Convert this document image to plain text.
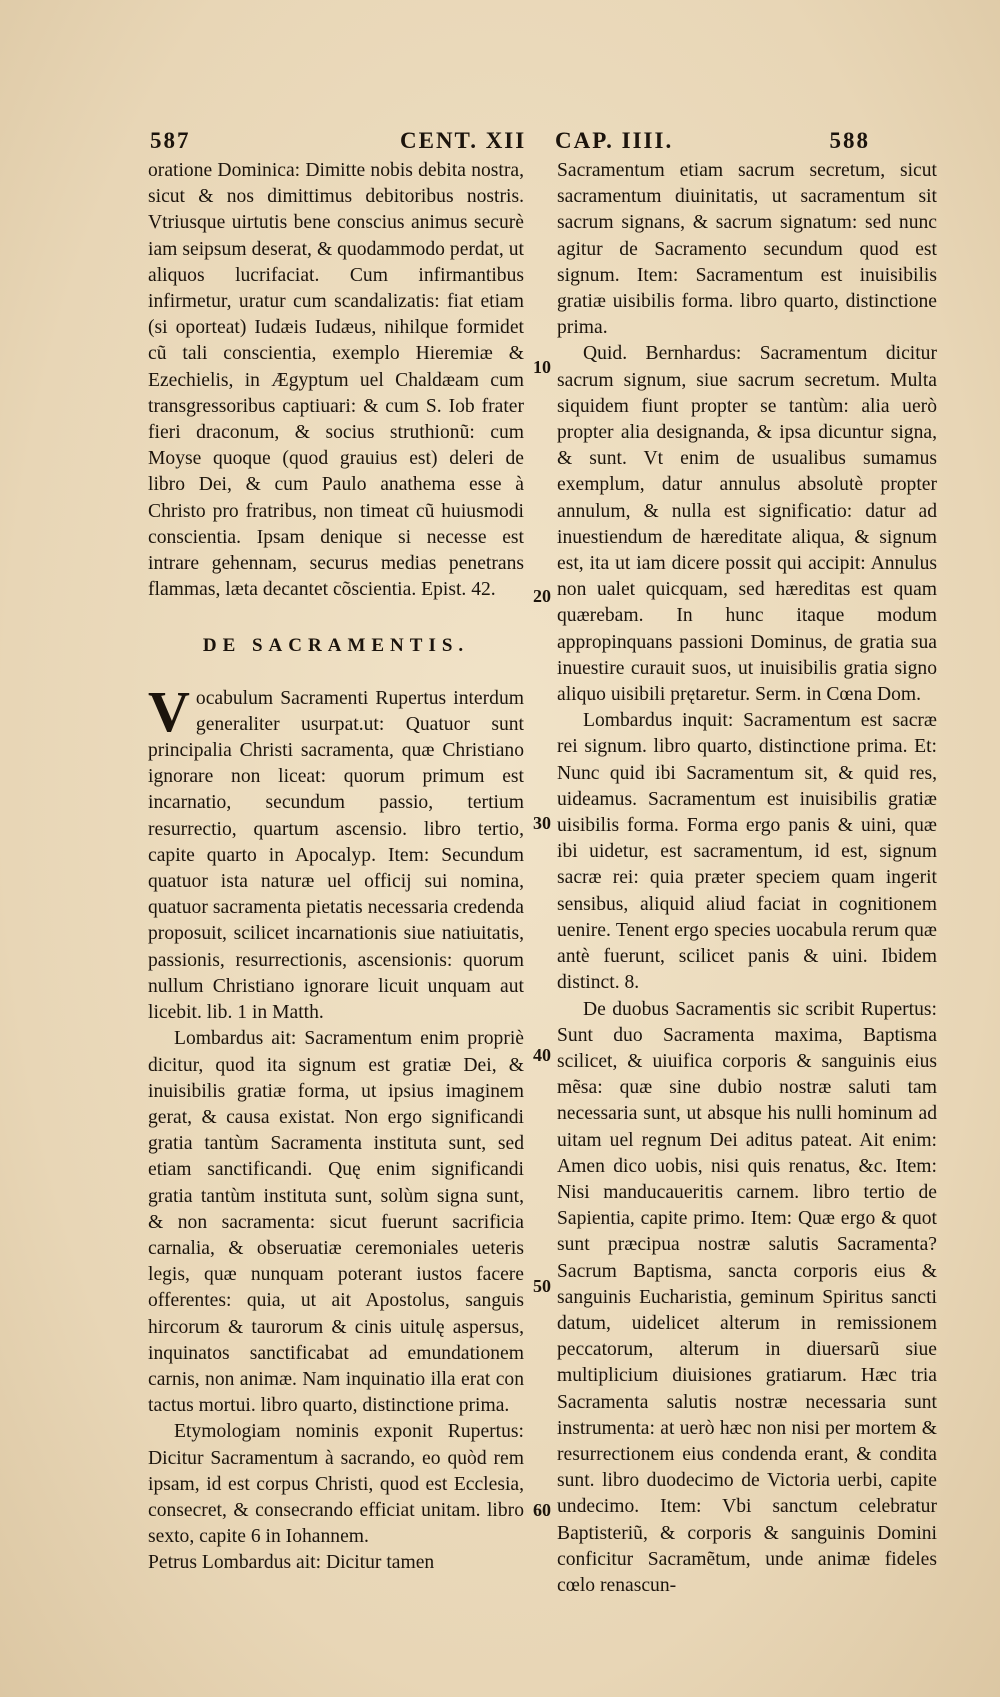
587	CENT. XII CAP. IIII.	588

oratione Dominica: Dimitte nobis debita nostra, sicut & nos dimittimus debitoribus nostris. Vtriusque uirtutis bene conscius animus securè iam seipsum deserat, & quodammodo perdat, ut aliquos lucrifaciat. Cum infirmantibus infirmetur, uratur cum scandalizatis: fiat etiam (si oporteat) Iudæis Iudæus, nihilque formidet cũ tali conscientia, exemplo Hieremiæ & Ezechielis, in Ægyptum uel Chaldæam cum transgressoribus captiuari: & cum S. Iob frater fieri draconum, & socius struthionũ: cum Moyse quoque (quod grauius est) deleri de libro Dei, & cum Paulo anathema esse à Christo pro fratribus, non timeat cũ huiusmodi conscientia. Ipsam denique si necesse est intrare gehennam, securus medias penetrans flammas, læta decantet cõscientia. Epist. 42.

DE SACRAMENTIS.

Vocabulum Sacramenti Rupertus interdum generaliter usurpat.ut: Quatuor sunt principalia Christi sacramenta, quæ Christiano ignorare non liceat: quorum primum est incarnatio, secundum passio, tertium resurrectio, quartum ascensio. libro tertio, capite quarto in Apocalyp. Item: Secundum quatuor ista naturæ uel officij sui nomina, quatuor sacramenta pietatis necessaria credenda proposuit, scilicet incarnationis siue natiuitatis, passionis, resurrectionis, ascensionis: quorum nullum Christiano ignorare licuit unquam aut licebit. lib. 1 in Matth.

Lombardus ait: Sacramentum enim propriè dicitur, quod ita signum est gratiæ Dei, & inuisibilis gratiæ forma, ut ipsius imaginem gerat, & causa existat. Non ergo significandi gratia tantùm Sacramenta instituta sunt, sed etiam sanctificandi. Quę enim significandi gratia tantùm instituta sunt, solùm signa sunt, & non sacramenta: sicut fuerunt sacrificia carnalia, & obseruatiæ ceremoniales ueteris legis, quæ nunquam poterant iustos facere offerentes: quia, ut ait Apostolus, sanguis hircorum & taurorum & cinis uitulę aspersus, inquinatos sanctificabat ad emundationem carnis, non animæ. Nam inquinatio illa erat con tactus mortui. libro quarto, distinctione prima.

Etymologiam nominis exponit Rupertus: Dicitur Sacramentum à sacrando, eo quòd rem ipsam, id est corpus Christi, quod est Ecclesia, consecret, & consecrando efficiat unitam. libro sexto, capite 6 in Iohannem.

Petrus Lombardus ait: Dicitur tamen

10
20
30
40
50
60

Sacramentum etiam sacrum secretum, sicut sacramentum diuinitatis, ut sacramentum sit sacrum signans, & sacrum signatum: sed nunc agitur de Sacramento secundum quod est signum. Item: Sacramentum est inuisibilis gratiæ uisibilis forma. libro quarto, distinctione prima.

Quid. Bernhardus: Sacramentum dicitur sacrum signum, siue sacrum secretum. Multa siquidem fiunt propter se tantùm: alia uerò propter alia designanda, & ipsa dicuntur signa, & sunt. Vt enim de usualibus sumamus exemplum, datur annulus absolutè propter annulum, & nulla est significatio: datur ad inuestiendum de hæreditate aliqua, & signum est, ita ut iam dicere possit qui accipit: Annulus non ualet quicquam, sed hæreditas est quam quærebam. In hunc itaque modum appropinquans passioni Dominus, de gratia sua inuestire curauit suos, ut inuisibilis gratia signo aliquo uisibili prętaretur. Serm. in Cœna Dom.

Lombardus inquit: Sacramentum est sacræ rei signum. libro quarto, distinctione prima. Et: Nunc quid ibi Sacramentum sit, & quid res, uideamus. Sacramentum est inuisibilis gratiæ uisibilis forma. Forma ergo panis & uini, quæ ibi uidetur, est sacramentum, id est, signum sacræ rei: quia præter speciem quam ingerit sensibus, aliquid aliud faciat in cognitionem uenire. Tenent ergo species uocabula rerum quæ antè fuerunt, scilicet panis & uini. Ibidem distinct. 8.

De duobus Sacramentis sic scribit Rupertus: Sunt duo Sacramenta maxima, Baptisma scilicet, & uiuifica corporis & sanguinis eius mẽsa: quæ sine dubio nostræ saluti tam necessaria sunt, ut absque his nulli hominum ad uitam uel regnum Dei aditus pateat. Ait enim: Amen dico uobis, nisi quis renatus, &c. Item: Nisi manducaueritis carnem. libro tertio de Sapientia, capite primo. Item: Quæ ergo & quot sunt præcipua nostræ salutis Sacramenta? Sacrum Baptisma, sancta corporis eius & sanguinis Eucharistia, geminum Spiritus sancti datum, uidelicet alterum in remissionem peccatorum, alterum in diuersarũ siue multiplicium diuisiones gratiarum. Hæc tria Sacramenta salutis nostræ necessaria sunt instrumenta: at uerò hæc non nisi per mortem & resurrectionem eius condenda erant, & condita sunt. libro duodecimo de Victoria uerbi, capite undecimo. Item: Vbi sanctum celebratur Baptisteriũ, & corporis & sanguinis Domini conficitur Sacramẽtum, unde animæ fideles cœlo renascun-
